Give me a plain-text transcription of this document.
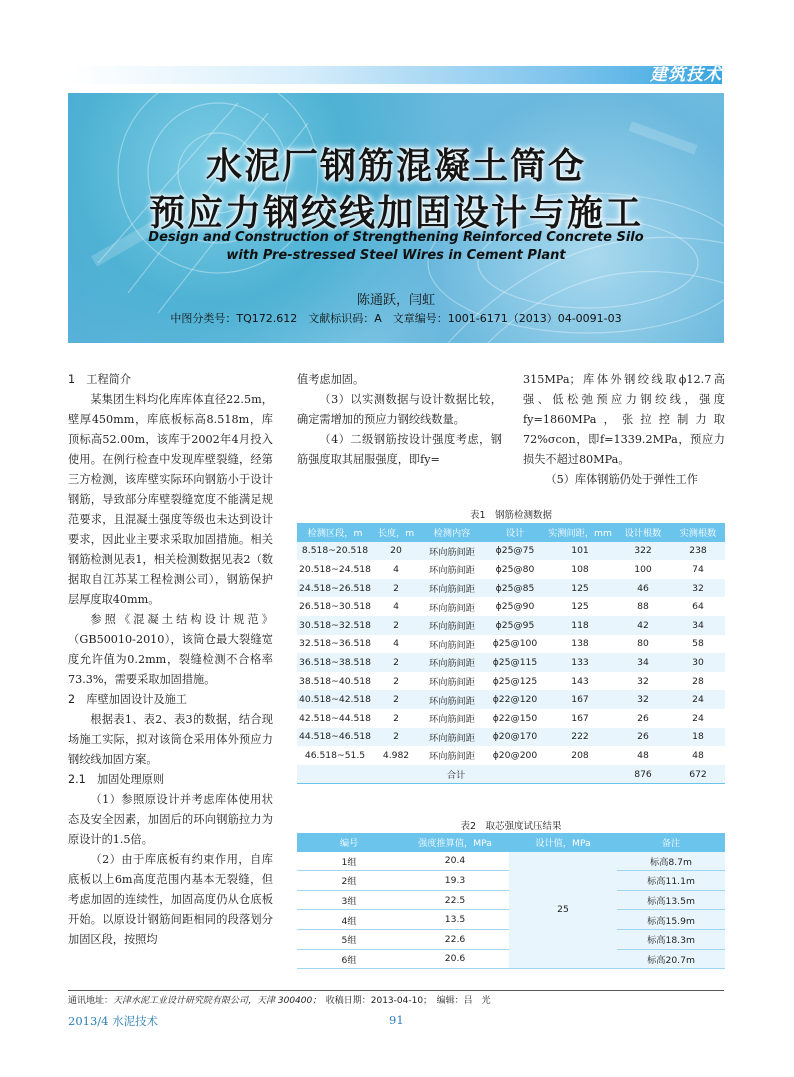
建筑技术
水泥厂钢筋混凝土筒仓
预应力钢绞线加固设计与施工
Design and Construction of Strengthening Reinforced Concrete Silo
with Pre-stressed Steel Wires in Cement Plant
陈通跃，闫虹
中图分类号：TQ172.612　文献标识码：A　文章编号：1001-6171（2013）04-0091-03

1　工程简介

某集团生料均化库库体直径22.5m，壁厚450mm，库底板标高8.518m，库顶标高52.00m，该库于2002年4月投入使用。在例行检查中发现库壁裂缝，经第三方检测，该库壁实际环向钢筋小于设计钢筋，导致部分库壁裂缝宽度不能满足规范要求，且混凝土强度等级也未达到设计要求，因此业主要求采取加固措施。相关钢筋检测见表1，相关检测数据见表2（数据取自江苏某工程检测公司），钢筋保护层厚度取40mm。

参照《混凝土结构设计规范》（GB50010-2010），该筒仓最大裂缝宽度允许值为0.2mm，裂缝检测不合格率73.3%，需要采取加固措施。

2　库壁加固设计及施工

根据表1、表2、表3的数据，结合现场施工实际，拟对该筒仓采用体外预应力钢绞线加固方案。

2.1　加固处理原则

（1）参照原设计并考虑库体使用状态及安全因素，加固后的环向钢筋拉力为原设计的1.5倍。

（2）由于库底板有约束作用，自库底板以上6m高度范围内基本无裂缝，但考虑加固的连续性，加固高度仍从仓底板开始。以原设计钢筋间距相同的段落划分加固区段，按照均

值考虑加固。

（3）以实测数据与设计数据比较，确定需增加的预应力钢绞线数量。

（4）二级钢筋按设计强度考虑，钢筋强度取其屈服强度，即fy=

315MPa；库体外钢绞线取ϕ12.7高强、低松弛预应力钢绞线，强度fy=1860MPa，张拉控制力取72%σcon，即f=1339.2MPa，预应力损失不超过80MPa。

（5）库体钢筋仍处于弹性工作

表1　钢筋检测数据
检测区段，m	长度，m	检测内容	设计	实测间距，mm	设计根数	实测根数
8.518~20.518	20	环向筋间距	ϕ25@75	101	322	238
20.518~24.518	4	环向筋间距	ϕ25@80	108	100	74
24.518~26.518	2	环向筋间距	ϕ25@85	125	46	32
26.518~30.518	4	环向筋间距	ϕ25@90	125	88	64
30.518~32.518	2	环向筋间距	ϕ25@95	118	42	34
32.518~36.518	4	环向筋间距	ϕ25@100	138	80	58
36.518~38.518	2	环向筋间距	ϕ25@115	133	34	30
38.518~40.518	2	环向筋间距	ϕ25@125	143	32	28
40.518~42.518	2	环向筋间距	ϕ22@120	167	32	24
42.518~44.518	2	环向筋间距	ϕ22@150	167	26	24
44.518~46.518	2	环向筋间距	ϕ20@170	222	26	18
46.518~51.5	4.982	环向筋间距	ϕ20@200	208	48	48
合计					876	672
表2　取芯强度试压结果
编号	强度推算值，MPa	设计值，MPa	备注
1组	20.4	25	标高8.7m
2组	19.3		标高11.1m
3组	22.5		标高13.5m
4组	13.5		标高15.9m
5组	22.6		标高18.3m
6组	20.6		标高20.7m
通讯地址：天津水泥工业设计研究院有限公司，天津 300400；　 收稿日期：2013-04-10；　 编辑：吕　光
2013/4 水泥技术	91
